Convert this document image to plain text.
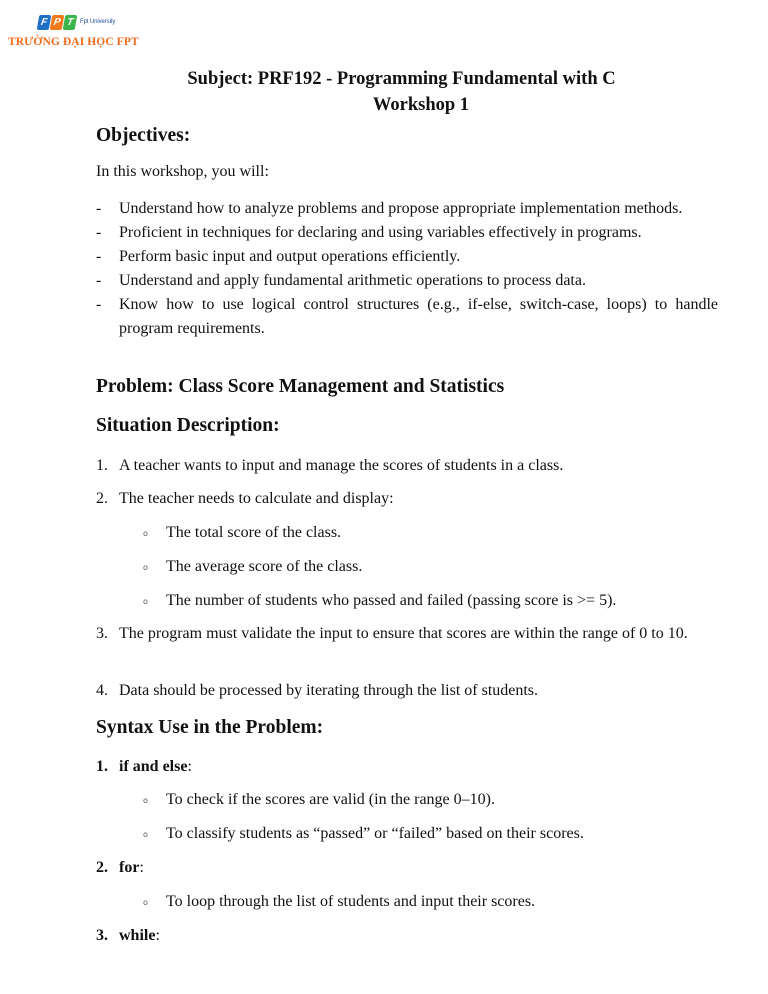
F P T Fpt University
TRƯỜNG ĐẠI HỌC FPT
Subject: PRF192 - Programming Fundamental with C
Workshop 1
Objectives:
In this workshop, you will:
- Understand how to analyze problems and propose appropriate implementation methods.
- Proficient in techniques for declaring and using variables effectively in programs.
- Perform basic input and output operations efficiently.
- Understand and apply fundamental arithmetic operations to process data.
- Know how to use logical control structures (e.g., if-else, switch-case, loops) to handle program requirements.
Problem: Class Score Management and Statistics
Situation Description:
1. A teacher wants to input and manage the scores of students in a class.
2. The teacher needs to calculate and display:
o The total score of the class.
o The average score of the class.
o The number of students who passed and failed (passing score is >= 5).
3. The program must validate the input to ensure that scores are within the range of 0 to 10.
4. Data should be processed by iterating through the list of students.
Syntax Use in the Problem:
1. if and else:
o To check if the scores are valid (in the range 0–10).
o To classify students as “passed” or “failed” based on their scores.
2. for:
o To loop through the list of students and input their scores.
3. while:
